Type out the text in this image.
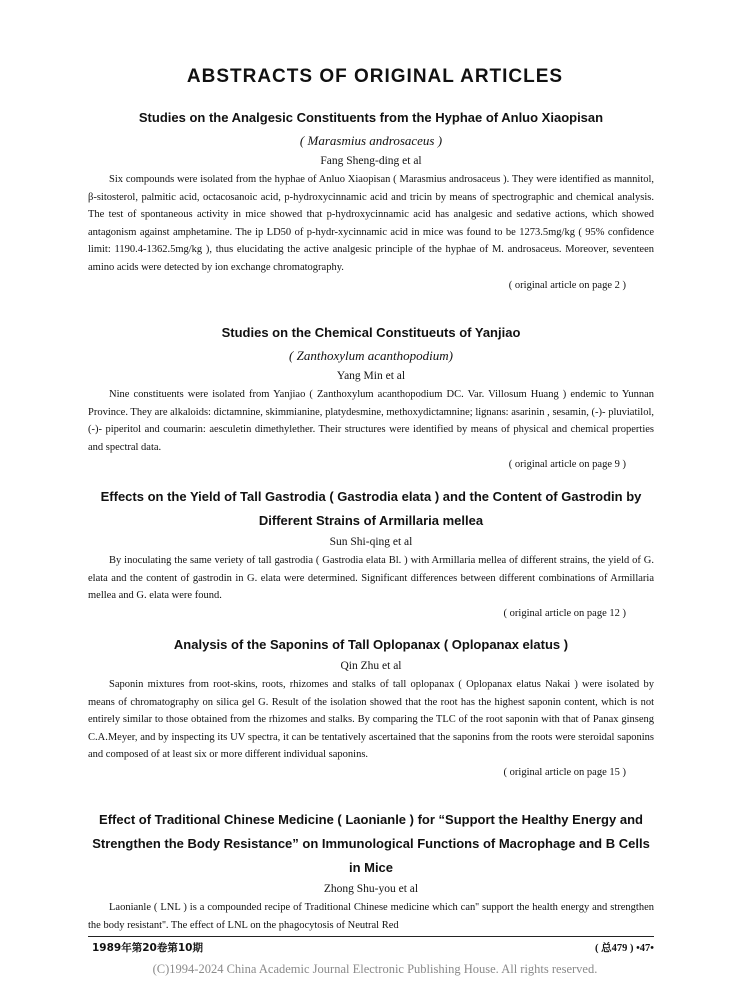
ABSTRACTS OF ORIGINAL ARTICLES
Studies on the Analgesic Constituents from the Hyphae of Anluo Xiaopisan
( Marasmius androsaceus )
Fang Sheng-ding et al

Six compounds were isolated from the hyphae of Anluo Xiaopisan ( Marasmius androsaceus ). They were identified as mannitol, β-sitosterol, palmitic acid, octacosanoic acid, p-hydroxycinnamic acid and tricin by means of spectrographic and chemical analysis. The test of spontaneous activity in mice showed that p-hydroxycinnamic acid has analgesic and sedative actions, which showed antagonism against amphetamine. The ip LD50 of p-hydr-xycinnamic acid in mice was found to be 1273.5mg/kg ( 95% confidence limit: 1190.4-1362.5mg/kg ), thus elucidating the active analgesic principle of the hyphae of M. androsaceus. Moreover, seventeen amino acids were detected by ion exchange chromatography.

( original article on page 2 )
Studies on the Chemical Constitueuts of Yanjiao
( Zanthoxylum acanthopodium)
Yang Min et al

Nine constituents were isolated from Yanjiao ( Zanthoxylum acanthopodium DC. Var. Villosum Huang ) endemic to Yunnan Province. They are alkaloids: dictamnine, skimmianine, platydesmine, methoxydictamnine; lignans: asarinin , sesamin, (-)- pluviatilol, (-)- piperitol and coumarin: aesculetin dimethylether. Their structures were identified by means of physical and chemical properties and spectral data.

( original article on page 9 )
Effects on the Yield of Tall Gastrodia ( Gastrodia elata ) and the Content of Gastrodin by Different Strains of Armillaria mellea
Sun Shi-qing et al

By inoculating the same veriety of tall gastrodia ( Gastrodia elata Bl. ) with Armillaria mellea of different strains, the yield of G. elata and the content of gastrodin in G. elata were determined. Significant differences between different combinations of Armillaria mellea and G. elata were found.

( original article on page 12 )
Analysis of the Saponins of Tall Oplopanax ( Oplopanax elatus )
Qin Zhu et al

Saponin mixtures from root-skins, roots, rhizomes and stalks of tall oplopanax ( Oplopanax elatus Nakai ) were isolated by means of chromatography on silica gel G. Result of the isolation showed that the root has the highest saponin content, which is not entirely similar to those obtained from the rhizomes and stalks. By comparing the TLC of the root saponin with that of Panax ginseng C.A.Meyer, and by inspecting its UV spectra, it can be tentatively ascertained that the saponins from the roots were steroidal saponins and composed of at least six or more different individual saponins.

( original article on page 15 )
Effect of Traditional Chinese Medicine ( Laonianle ) for “Support the Healthy Energy and Strengthen the Body Resistance” on Immunological Functions of Macrophage and B Cells in Mice
Zhong Shu-you et al

Laonianle ( LNL ) is a compounded recipe of Traditional Chinese medicine which can'' support the health energy and strengthen the body resistant''. The effect of LNL on the phagocytosis of Neutral Red

1989年第20卷第10期	( 总479 ) •47•
(C)1994-2024 China Academic Journal Electronic Publishing House. All rights reserved.
